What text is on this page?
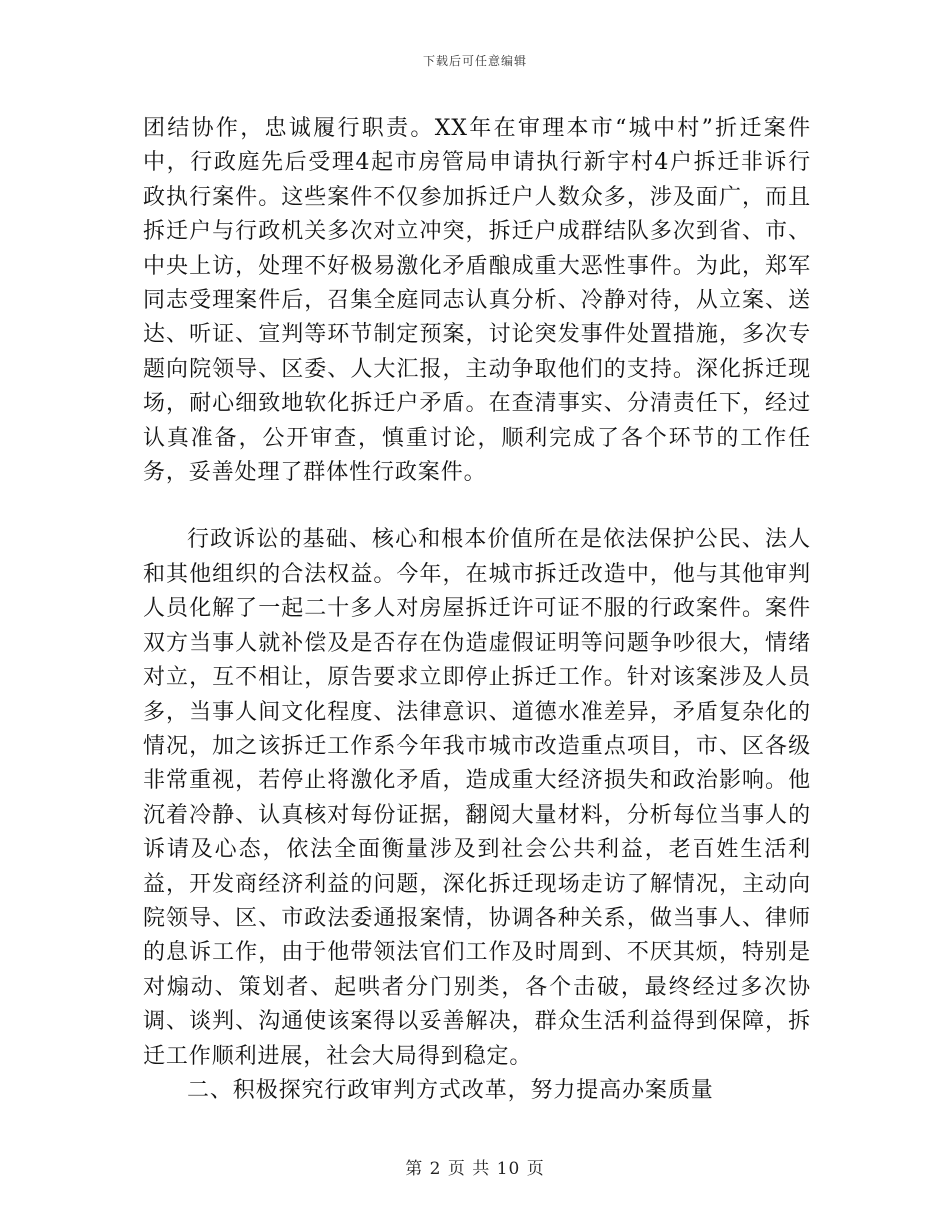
下载后可任意编辑

团结协作，忠诚履行职责。XX年在审理本市“城中村”折迁案件中，行政庭先后受理4起市房管局申请执行新宇村4户拆迁非诉行政执行案件。这些案件不仅参加拆迁户人数众多，涉及面广，而且拆迁户与行政机关多次对立冲突，拆迁户成群结队多次到省、市、中央上访，处理不好极易激化矛盾酿成重大恶性事件。为此，郑军同志受理案件后，召集全庭同志认真分析、冷静对待，从立案、送达、听证、宣判等环节制定预案，讨论突发事件处置措施，多次专题向院领导、区委、人大汇报，主动争取他们的支持。深化拆迁现场，耐心细致地软化拆迁户矛盾。在查清事实、分清责任下，经过认真准备，公开审查，慎重讨论，顺利完成了各个环节的工作任务，妥善处理了群体性行政案件。

行政诉讼的基础、核心和根本价值所在是依法保护公民、法人和其他组织的合法权益。今年，在城市拆迁改造中，他与其他审判人员化解了一起二十多人对房屋拆迁许可证不服的行政案件。案件双方当事人就补偿及是否存在伪造虚假证明等问题争吵很大，情绪对立，互不相让，原告要求立即停止拆迁工作。针对该案涉及人员多，当事人间文化程度、法律意识、道德水准差异，矛盾复杂化的情况，加之该拆迁工作系今年我市城市改造重点项目，市、区各级非常重视，若停止将激化矛盾，造成重大经济损失和政治影响。他沉着冷静、认真核对每份证据，翻阅大量材料，分析每位当事人的诉请及心态，依法全面衡量涉及到社会公共利益，老百姓生活利益，开发商经济利益的问题，深化拆迁现场走访了解情况，主动向院领导、区、市政法委通报案情，协调各种关系，做当事人、律师的息诉工作，由于他带领法官们工作及时周到、不厌其烦，特别是对煽动、策划者、起哄者分门别类，各个击破，最终经过多次协调、谈判、沟通使该案得以妥善解决，群众生活利益得到保障，拆迁工作顺利进展，社会大局得到稳定。

二、积极探究行政审判方式改革，努力提高办案质量

第 2 页 共 10 页
